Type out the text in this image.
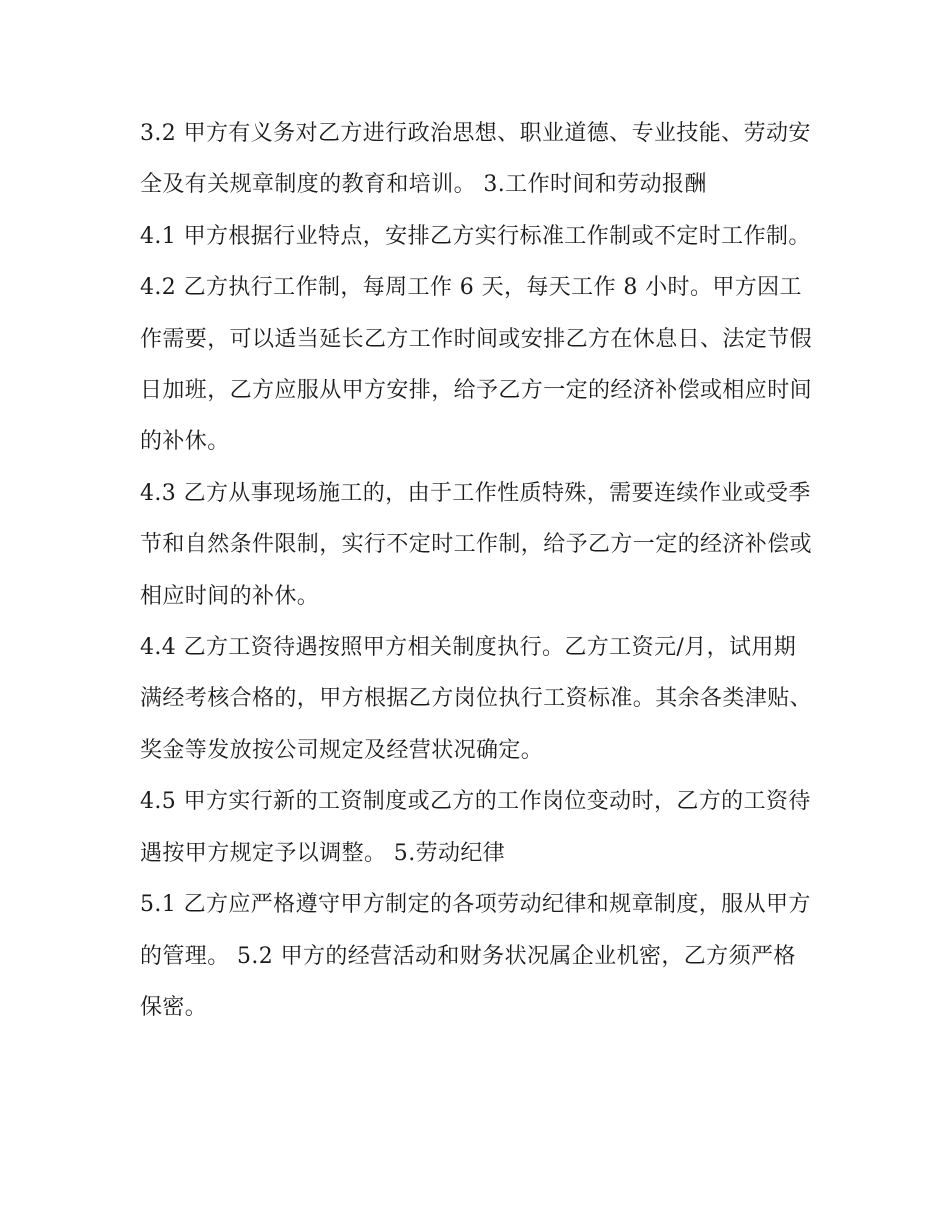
3.2 甲方有义务对乙方进行政治思想、职业道德、专业技能、劳动安全及有关规章制度的教育和培训。 3.工作时间和劳动报酬

4.1 甲方根据行业特点，安排乙方实行标准工作制或不定时工作制。

4.2 乙方执行工作制，每周工作 6 天，每天工作 8 小时。甲方因工作需要，可以适当延长乙方工作时间或安排乙方在休息日、法定节假日加班，乙方应服从甲方安排，给予乙方一定的经济补偿或相应时间的补休。

4.3 乙方从事现场施工的，由于工作性质特殊，需要连续作业或受季节和自然条件限制，实行不定时工作制，给予乙方一定的经济补偿或相应时间的补休。

4.4 乙方工资待遇按照甲方相关制度执行。乙方工资元/月，试用期满经考核合格的，甲方根据乙方岗位执行工资标准。其余各类津贴、奖金等发放按公司规定及经营状况确定。

4.5 甲方实行新的工资制度或乙方的工作岗位变动时，乙方的工资待遇按甲方规定予以调整。 5.劳动纪律

5.1 乙方应严格遵守甲方制定的各项劳动纪律和规章制度，服从甲方的管理。 5.2 甲方的经营活动和财务状况属企业机密，乙方须严格保密。
